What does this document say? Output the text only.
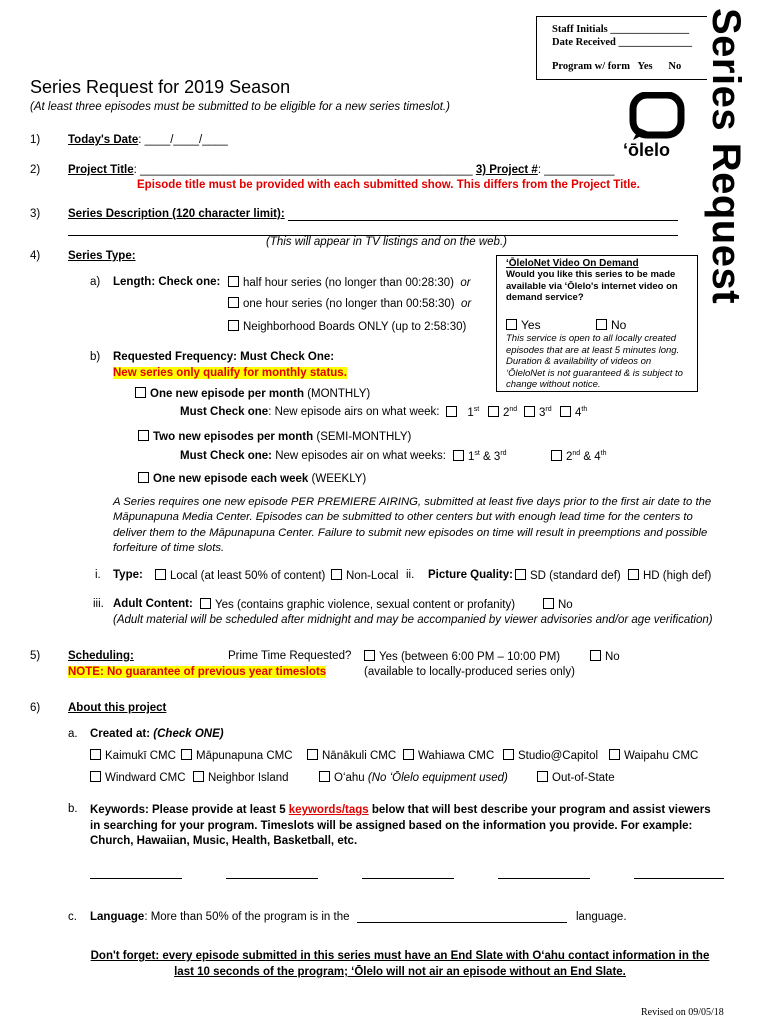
Staff Initials _______________
Date Received ______________
Program w/ form Yes No Series Request
ʻōlelo
Series Request for 2019 Season
(At least three episodes must be submitted to be eligible for a new series timeslot.)
1) Today's Date: ____/____/____
2) Project Title: ____________________________________________________ 3) Project #: ___________
Episode title must be provided with each submitted show. This differs from the Project Title.
3) Series Description (120 character limit):
(This will appear in TV listings and on the web.)
4) Series Type:
a) Length: Check one:	half hour series (no longer than 00:28:30) or
one hour series (no longer than 00:58:30) or
Neighborhood Boards ONLY (up to 2:58:30)
ʻŌleloNet Video On Demand
Would you like this series to be made available via ʻŌlelo's internet video on demand service?
Yes	No
This service is open to all locally created episodes that are at least 5 minutes long. Duration & availability of videos on ʻŌleloNet is not guaranteed & is subject to change without notice.
b) Requested Frequency: Must Check One:
New series only qualify for monthly status.
One new episode per month (MONTHLY)
Must Check one: New episode airs on what week:	1st	2nd	3rd	4th
Two new episodes per month (SEMI-MONTHLY)
Must Check one: New episodes air on what weeks:	1st & 3rd	2nd & 4th
One new episode each week (WEEKLY)
A Series requires one new episode PER PREMIERE AIRING, submitted at least five days prior to the first air date to the Māpunapuna Media Center. Episodes can be submitted to other centers but with enough lead time for the centers to deliver them to the Māpunapuna Center. Failure to submit new episodes on time will result in preemptions and possible forfeiture of time slots.
i. Type:	Local (at least 50% of content)	Non-Local ii. Picture Quality:	SD (standard def)	HD (high def)
iii. Adult Content:	Yes (contains graphic violence, sexual content or profanity)	No
(Adult material will be scheduled after midnight and may be accompanied by viewer advisories and/or age verification)
5) Scheduling:
NOTE: No guarantee of previous year timeslots
Prime Time Requested?	Yes (between 6:00 PM – 10:00 PM)
(available to locally-produced series only)
No
6) About this project
a. Created at: (Check ONE)
Kaimukī CMC	Māpunapuna CMC	Nānākuli CMC	Wahiawa CMC	Studio@Capitol	Waipahu CMC
Windward CMC	Neighbor Island	Oʻahu (No ʻŌlelo equipment used)	Out-of-State
b. Keywords: Please provide at least 5 keywords/tags below that will best describe your program and assist viewers in searching for your program. Timeslots will be assigned based on the information you provide. For example: Church, Hawaiian, Music, Health, Basketball, etc.
c. Language: More than 50% of the program is in the	language.
Don't forget: every episode submitted in this series must have an End Slate with Oʻahu contact information in the last 10 seconds of the program; ʻŌlelo will not air an episode without an End Slate.
Revised on 09/05/18
